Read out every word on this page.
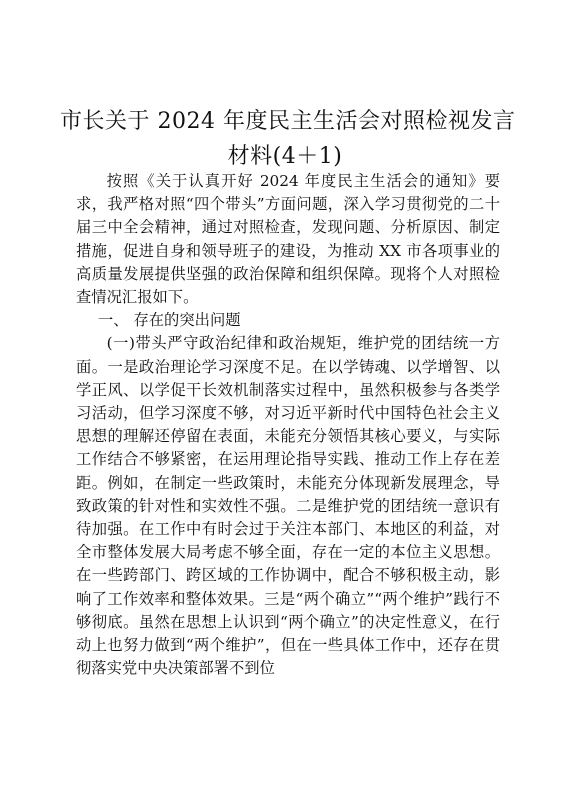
市长关于 2024 年度民主生活会对照检视发言
材料(4＋1)

按照《关于认真开好 2024 年度民主生活会的通知》要求，我严格对照“四个带头”方面问题，深入学习贯彻党的二十届三中全会精神，通过对照检查，发现问题、分析原因、制定措施，促进自身和领导班子的建设，为推动 XX 市各项事业的高质量发展提供坚强的政治保障和组织保障。现将个人对照检查情况汇报如下。

一、 存在的突出问题

(一)带头严守政治纪律和政治规矩，维护党的团结统一方面。一是政治理论学习深度不足。在以学铸魂、以学增智、以学正风、以学促干长效机制落实过程中，虽然积极参与各类学习活动，但学习深度不够，对习近平新时代中国特色社会主义思想的理解还停留在表面，未能充分领悟其核心要义，与实际工作结合不够紧密，在运用理论指导实践、推动工作上存在差距。例如，在制定一些政策时，未能充分体现新发展理念，导致政策的针对性和实效性不强。二是维护党的团结统一意识有待加强。在工作中有时会过于关注本部门、本地区的利益，对全市整体发展大局考虑不够全面，存在一定的本位主义思想。在一些跨部门、跨区域的工作协调中，配合不够积极主动，影响了工作效率和整体效果。三是“两个确立”“两个维护”践行不够彻底。虽然在思想上认识到“两个确立”的决定性意义，在行动上也努力做到“两个维护”，但在一些具体工作中，还存在贯彻落实党中央决策部署不到位
